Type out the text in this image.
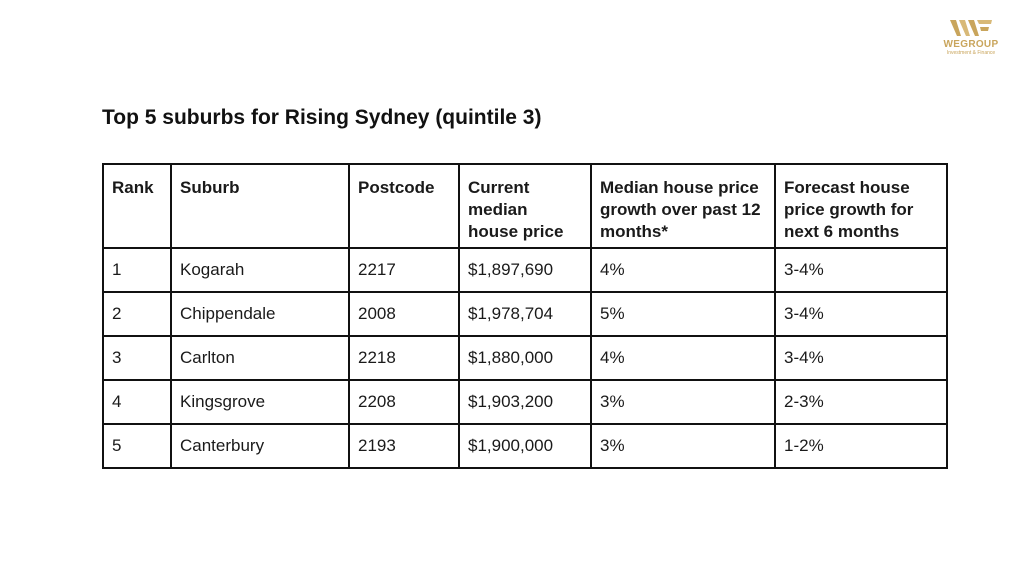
WEGROUP
Investment & Finance
Top 5 suburbs for Rising Sydney (quintile 3)
Rank	Suburb	Postcode	Current median house price	Median house price growth over past 12 months*	Forecast house price growth for next 6 months
1	Kogarah	2217	$1,897,690	4%	3-4%
2	Chippendale	2008	$1,978,704	5%	3-4%
3	Carlton	2218	$1,880,000	4%	3-4%
4	Kingsgrove	2208	$1,903,200	3%	2-3%
5	Canterbury	2193	$1,900,000	3%	1-2%
